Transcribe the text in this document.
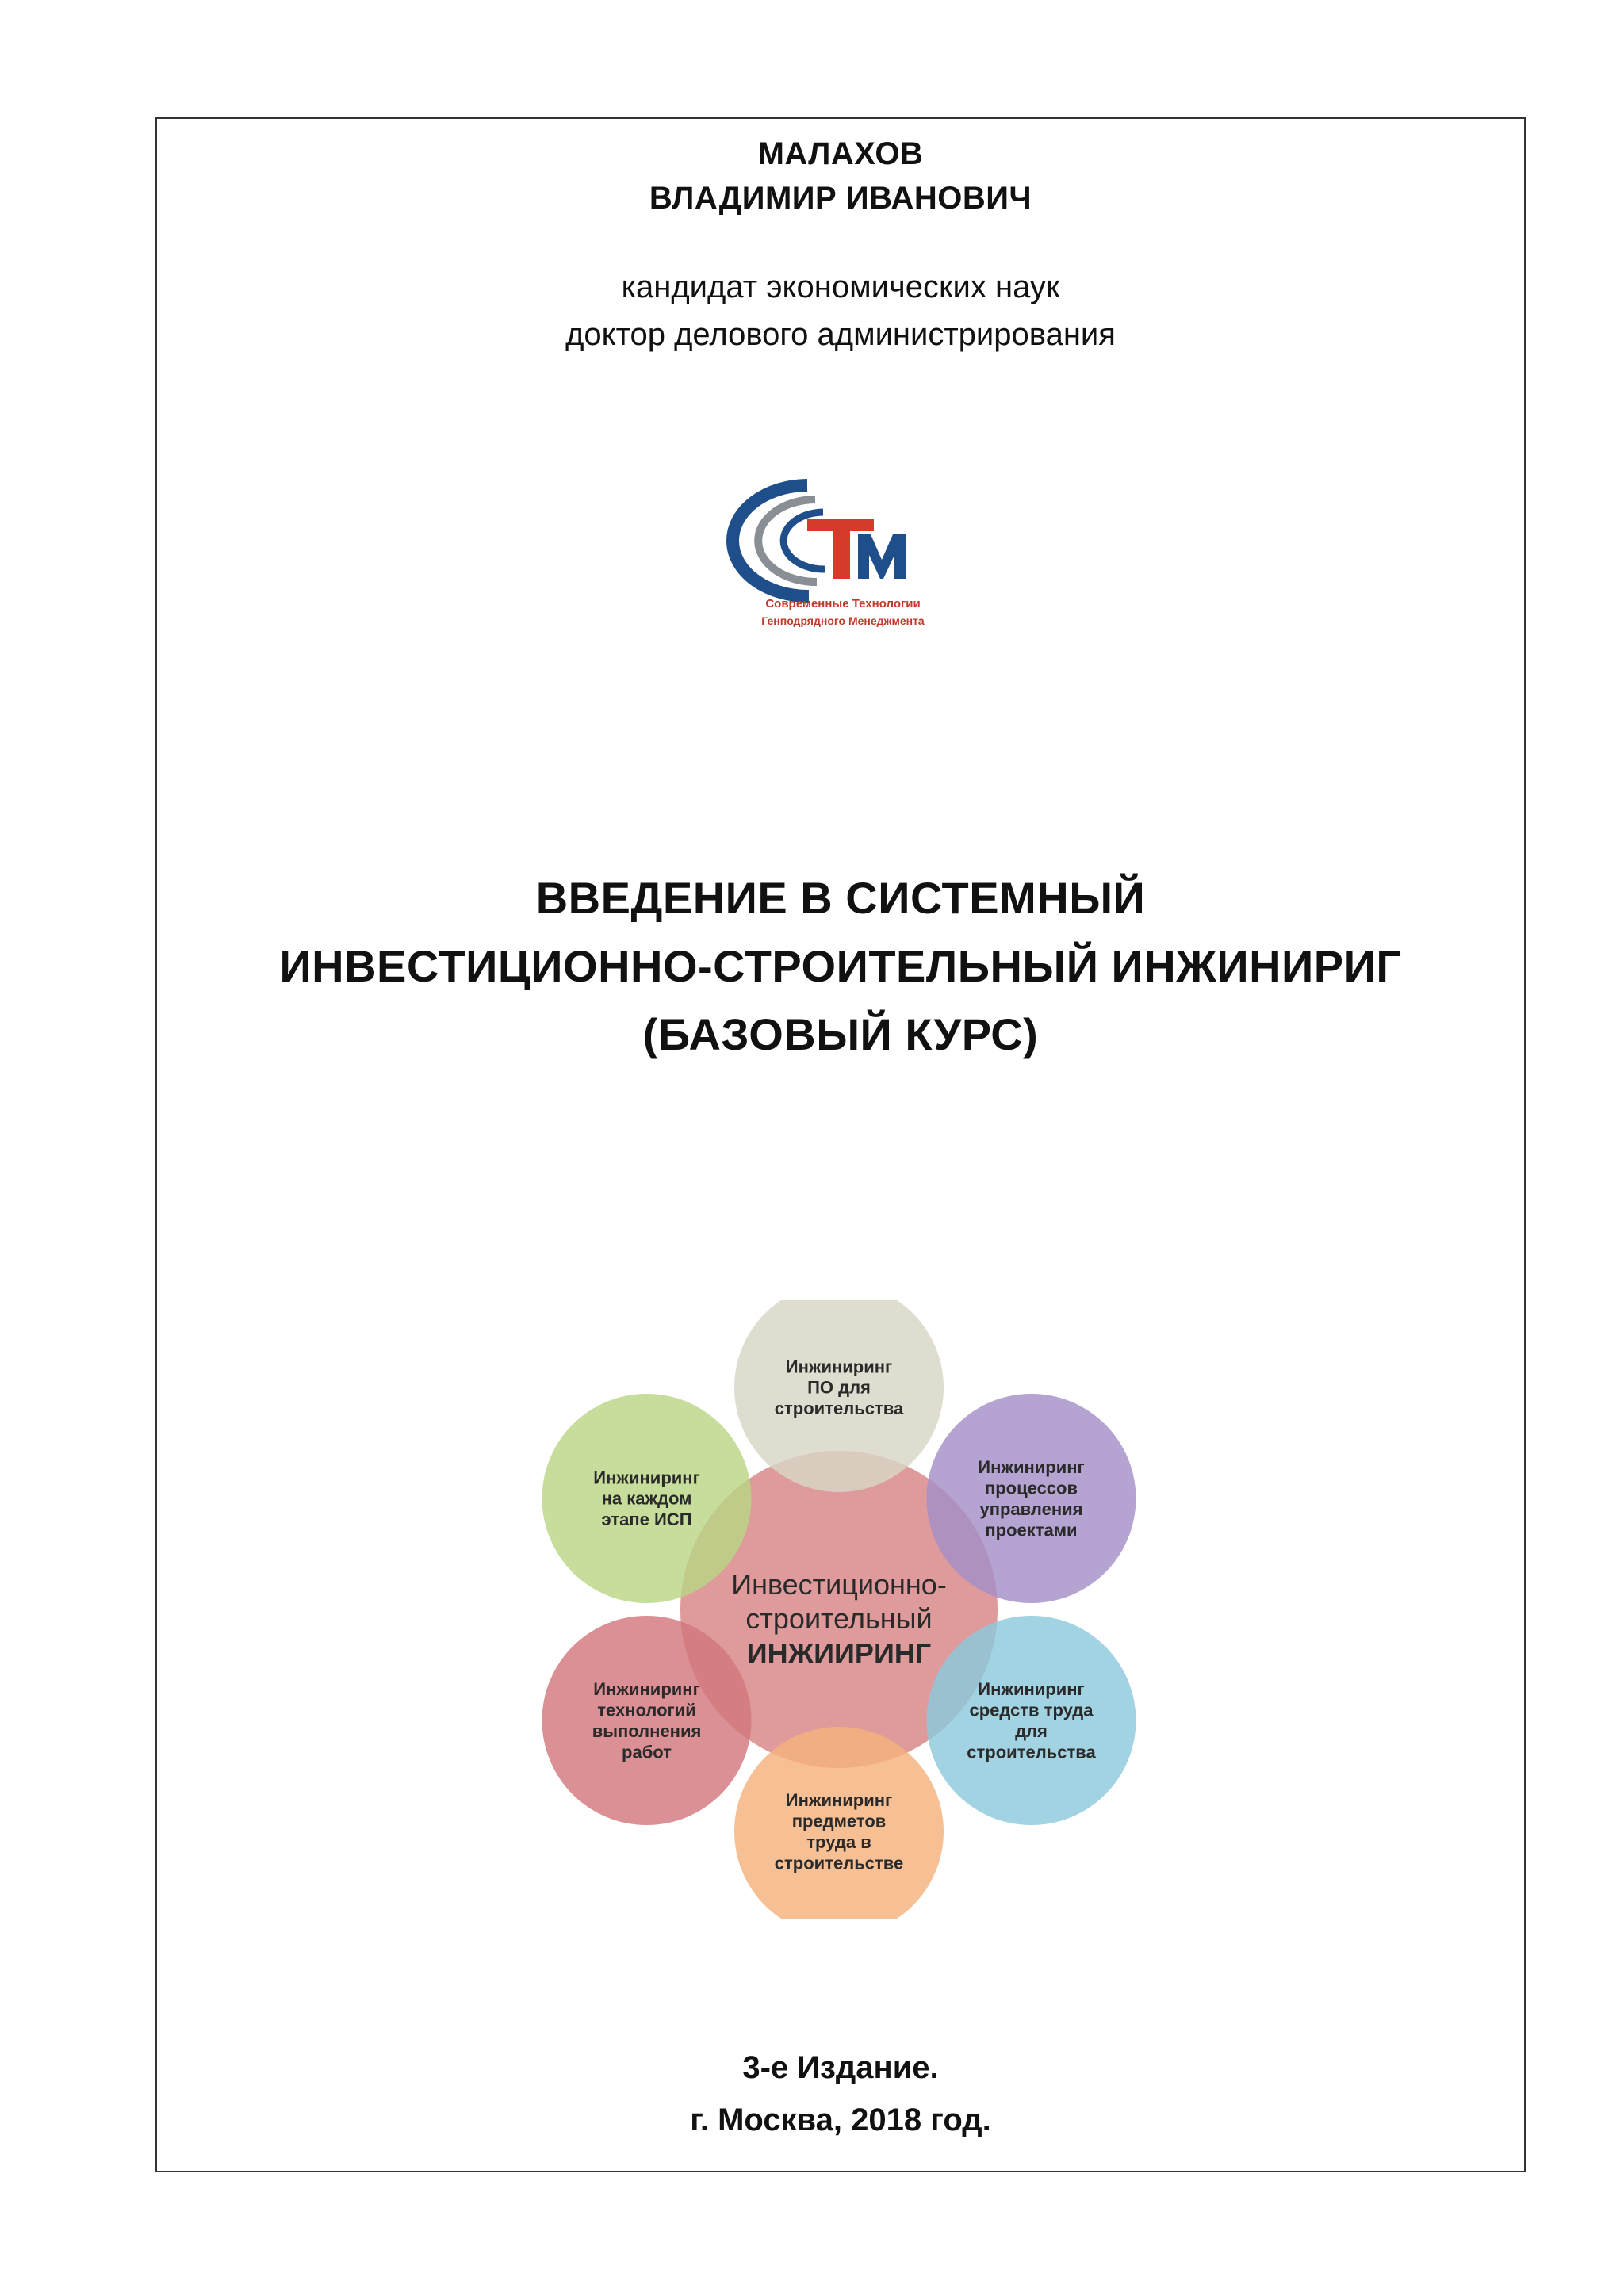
МАЛАХОВ
ВЛАДИМИР ИВАНОВИЧ
кандидат экономических наук
доктор делового администрирования
Современные Технологии
Генподрядного Менеджмента
ВВЕДЕНИЕ В СИСТЕМНЫЙ
ИНВЕСТИЦИОННО-СТРОИТЕЛЬНЫЙ ИНЖИНИРИГ
(БАЗОВЫЙ КУРС)
Инжиниринг
ПО для
строительства
Инжиниринг
процессов
управления
проектами
Инжиниринг
средств труда
для
строительства
Инжиниринг
предметов
труда в
строительстве
Инжиниринг
технологий
выполнения
работ
Инжиниринг
на каждом
этапе ИСП
Инвестиционно-
строительный
ИНЖИИРИНГ
3-е Издание.
г. Москва, 2018 год.
